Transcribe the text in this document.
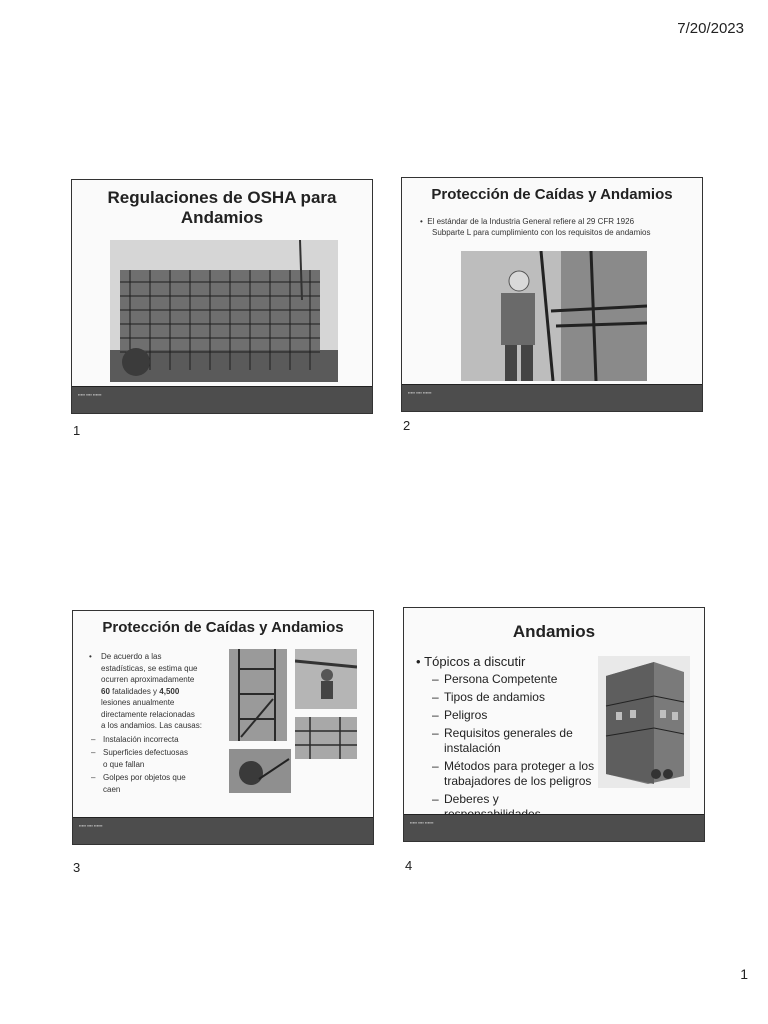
7/20/2023
Regulaciones de OSHA para
Andamios
▪▪▪▪▪ ▪▪▪▪ ▪▪▪▪▪▪
1
Protección de Caídas y Andamios
•  El estándar de la Industria General refiere al 29 CFR 1926
Subparte L para cumplimiento con los requisitos de andamios
▪▪▪▪▪ ▪▪▪▪ ▪▪▪▪▪▪
2
Protección de Caídas y Andamios
• De acuerdo a las
estadísticas, se estima que
ocurren aproximadamente
60 fatalidades y 4,500
lesiones anualmente
directamente relacionadas
a los andamios. Las causas:
– Instalación incorrecta
– Superficies defectuosas
o que fallan
– Golpes por objetos que
caen
▪▪▪▪▪ ▪▪▪▪ ▪▪▪▪▪▪
3
Andamios
• Tópicos a discutir
– Persona Competente
– Tipos de andamios
– Peligros
– Requisitos generales de
instalación
– Métodos para proteger a los
trabajadores de los peligros
– Deberes y
▪▪▪▪▪ ▪▪▪▪ ▪▪▪▪▪▪
4
1
